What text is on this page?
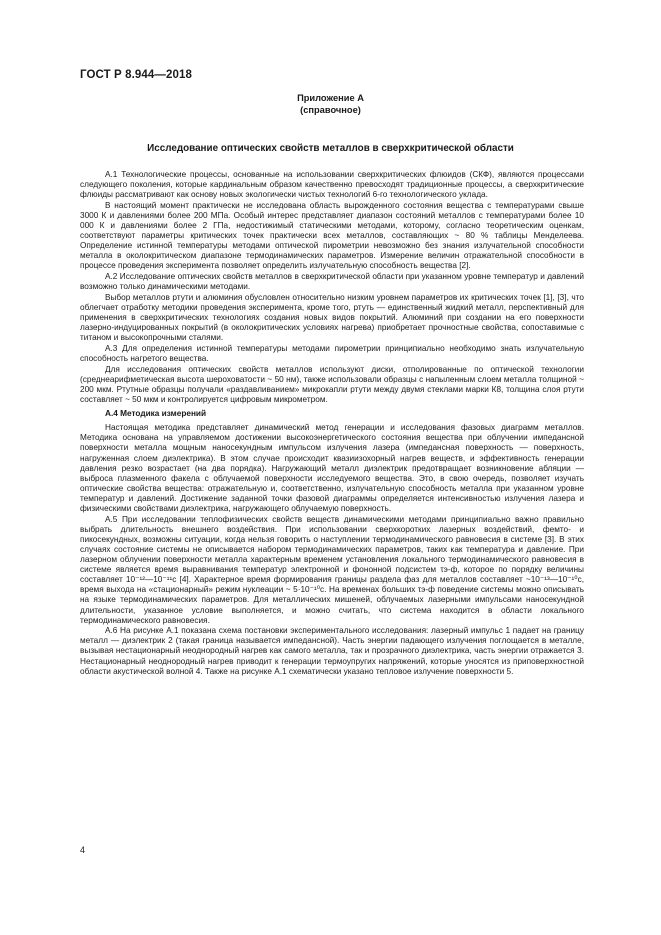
ГОСТ Р 8.944—2018
Приложение А
(справочное)
Исследование оптических свойств металлов в сверхкритической области

А.1 Технологические процессы, основанные на использовании сверхкритических флюидов (СКФ), являются процессами следующего поколения, которые кардинальным образом качественно превосходят традиционные процессы, а сверхкритические флюиды рассматривают как основу новых экологически чистых технологий 6-го технологического уклада.

В настоящий момент практически не исследована область вырожденного состояния вещества с температурами свыше 3000 К и давлениями более 200 МПа. Особый интерес представляет диапазон состояний металлов с температурами более 10 000 К и давлениями более 2 ГПа, недостижимый статическими методами, которому, согласно теоретическим оценкам, соответствуют параметры критических точек практически всех металлов, составляющих ~ 80 % таблицы Менделеева. Определение истинной температуры методами оптической пирометрии невозможно без знания излучательной способности металла в околокритическом диапазоне термодинамических параметров. Измерение величин отражательной способности в процессе проведения эксперимента позволяет определить излучательную способность вещества [2].

А.2 Исследование оптических свойств металлов в сверхкритической области при указанном уровне температур и давлений возможно только динамическими методами.

Выбор металлов ртути и алюминия обусловлен относительно низким уровнем параметров их критических точек [1], [3], что облегчает отработку методики проведения эксперимента, кроме того, ртуть — единственный жидкий металл, перспективный для применения в сверхкритических технологиях создания новых видов покрытий. Алюминий при создании на его поверхности лазерно-индуцированных покрытий (в околокритических условиях нагрева) приобретает прочностные свойства, сопоставимые с титаном и высокопрочными сталями.

А.3 Для определения истинной температуры методами пирометрии принципиально необходимо знать излучательную способность нагретого вещества.

Для исследования оптических свойств металлов используют диски, отполированные по оптической технологии (среднеарифметическая высота шероховатости ~ 50 нм), также использовали образцы с напыленным слоем металла толщиной ~ 200 мкм. Ртутные образцы получали «раздавливанием» микрокапли ртути между двумя стеклами марки К8, толщина слоя ртути составляет ~ 50 мкм и контролируется цифровым микрометром.

А.4 Методика измерений

Настоящая методика представляет динамический метод генерации и исследования фазовых диаграмм металлов. Методика основана на управляемом достижении высокоэнергетического состояния вещества при облучении импедансной поверхности металла мощным наносекундным импульсом излучения лазера (импедансная поверхность — поверхность, нагруженная слоем диэлектрика). В этом случае происходит квазиизохорный нагрев веществ, и эффективность генерации давления резко возрастает (на два порядка). Нагружающий металл диэлектрик предотвращает возникновение абляции — выброса плазменного факела с облучаемой поверхности исследуемого вещества. Это, в свою очередь, позволяет изучать оптические свойства вещества: отражательную и, соответственно, излучательную способность металла при указанном уровне температур и давлений. Достижение заданной точки фазовой диаграммы определяется интенсивностью излучения лазера и физическими свойствами диэлектрика, нагружающего облучаемую поверхность.

А.5 При исследовании теплофизических свойств веществ динамическими методами принципиально важно правильно выбрать длительность внешнего воздействия. При использовании сверхкоротких лазерных воздействий, фемто- и пикосекундных, возможны ситуации, когда нельзя говорить о наступлении термодинамического равновесия в системе [3]. В этих случаях состояние системы не описывается набором термодинамических параметров, таких как температура и давление. При лазерном облучении поверхности металла характерным временем установления локального термодинамического равновесия в системе является время выравнивания температур электронной и фононной подсистем τэ-ф, которое по порядку величины составляет 10⁻¹²—10⁻¹¹с [4]. Характерное время формирования границы раздела фаз для металлов составляет ~10⁻¹³—10⁻¹⁰с, время выхода на «стационарный» режим нуклеации ~ 5·10⁻¹⁰с. На временах больших τэ-ф поведение системы можно описывать на языке термодинамических параметров. Для металлических мишеней, облучаемых лазерными импульсами наносекундной длительности, указанное условие выполняется, и можно считать, что система находится в области локального термодинамического равновесия.

А.6 На рисунке А.1 показана схема постановки экспериментального исследования: лазерный импульс 1 падает на границу металл — диэлектрик 2 (такая граница называется импедансной). Часть энергии падающего излучения поглощается в металле, вызывая нестационарный неоднородный нагрев как самого металла, так и прозрачного диэлектрика, часть энергии отражается 3. Нестационарный неоднородный нагрев приводит к генерации термоупругих напряжений, которые уносятся из приповерхностной области акустической волной 4. Также на рисунке А.1 схематически указано тепловое излучение поверхности 5.

4
